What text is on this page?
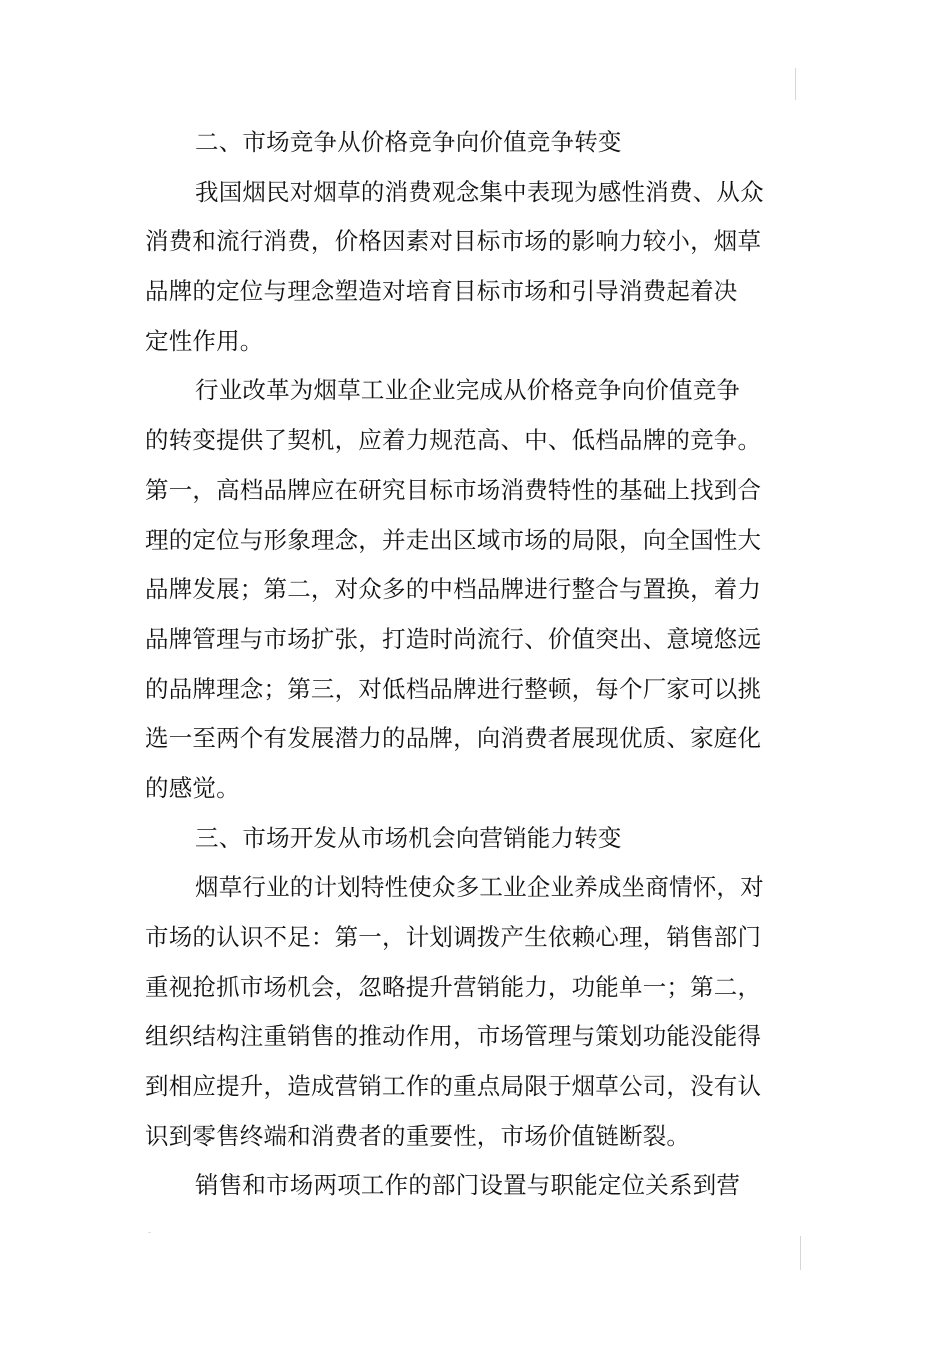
二、市场竞争从价格竞争向价值竞争转变
我国烟民对烟草的消费观念集中表现为感性消费、从众
消费和流行消费，价格因素对目标市场的影响力较小，烟草
品牌的定位与理念塑造对培育目标市场和引导消费起着决
定性作用。
行业改革为烟草工业企业完成从价格竞争向价值竞争
的转变提供了契机，应着力规范高、中、低档品牌的竞争。
第一，高档品牌应在研究目标市场消费特性的基础上找到合
理的定位与形象理念，并走出区域市场的局限，向全国性大
品牌发展；第二，对众多的中档品牌进行整合与置换，着力
品牌管理与市场扩张，打造时尚流行、价值突出、意境悠远
的品牌理念；第三，对低档品牌进行整顿，每个厂家可以挑
选一至两个有发展潜力的品牌，向消费者展现优质、家庭化
的感觉。
三、市场开发从市场机会向营销能力转变
烟草行业的计划特性使众多工业企业养成坐商情怀，对
市场的认识不足：第一，计划调拨产生依赖心理，销售部门
重视抢抓市场机会，忽略提升营销能力，功能单一；第二，
组织结构注重销售的推动作用，市场管理与策划功能没能得
到相应提升，造成营销工作的重点局限于烟草公司，没有认
识到零售终端和消费者的重要性，市场价值链断裂。
销售和市场两项工作的部门设置与职能定位关系到营
